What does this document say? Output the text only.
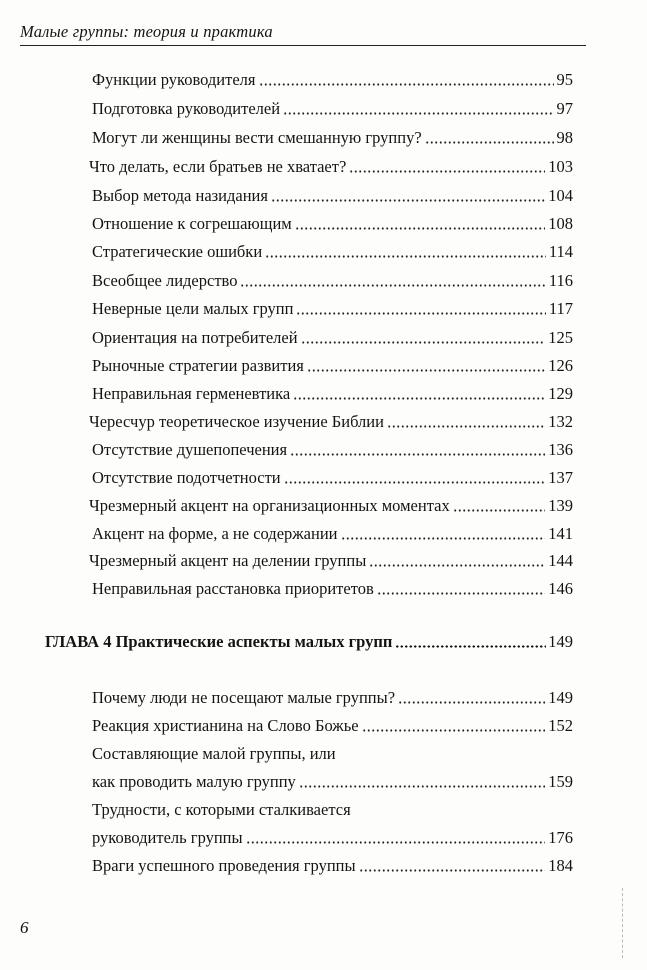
Малые группы: теория и практика
Функции руководителя	95
Подготовка руководителей	97
Могут ли женщины вести смешанную группу?	98
Что делать, если братьев не хватает?	103
Выбор метода назидания	104
Отношение к согрешающим	108
Стратегические ошибки	114
Всеобщее лидерство	116
Неверные цели малых групп	117
Ориентация на потребителей	125
Рыночные стратегии развития	126
Неправильная герменевтика	129
Чересчур теоретическое изучение Библии	132
Отсутствие душепопечения	136
Отсутствие подотчетности	137
Чрезмерный акцент на организационных моментах	139
Акцент на форме, а не содержании	141
Чрезмерный акцент на делении группы	144
Неправильная расстановка приоритетов	146
ГЛАВА 4 Практические аспекты малых групп	149
Почему люди не посещают малые группы?	149
Реакция христианина на Слово Божье	152
Составляющие малой группы, или
как проводить малую группу	159
Трудности, с которыми сталкивается
руководитель группы	176
Враги успешного проведения группы	184
6
